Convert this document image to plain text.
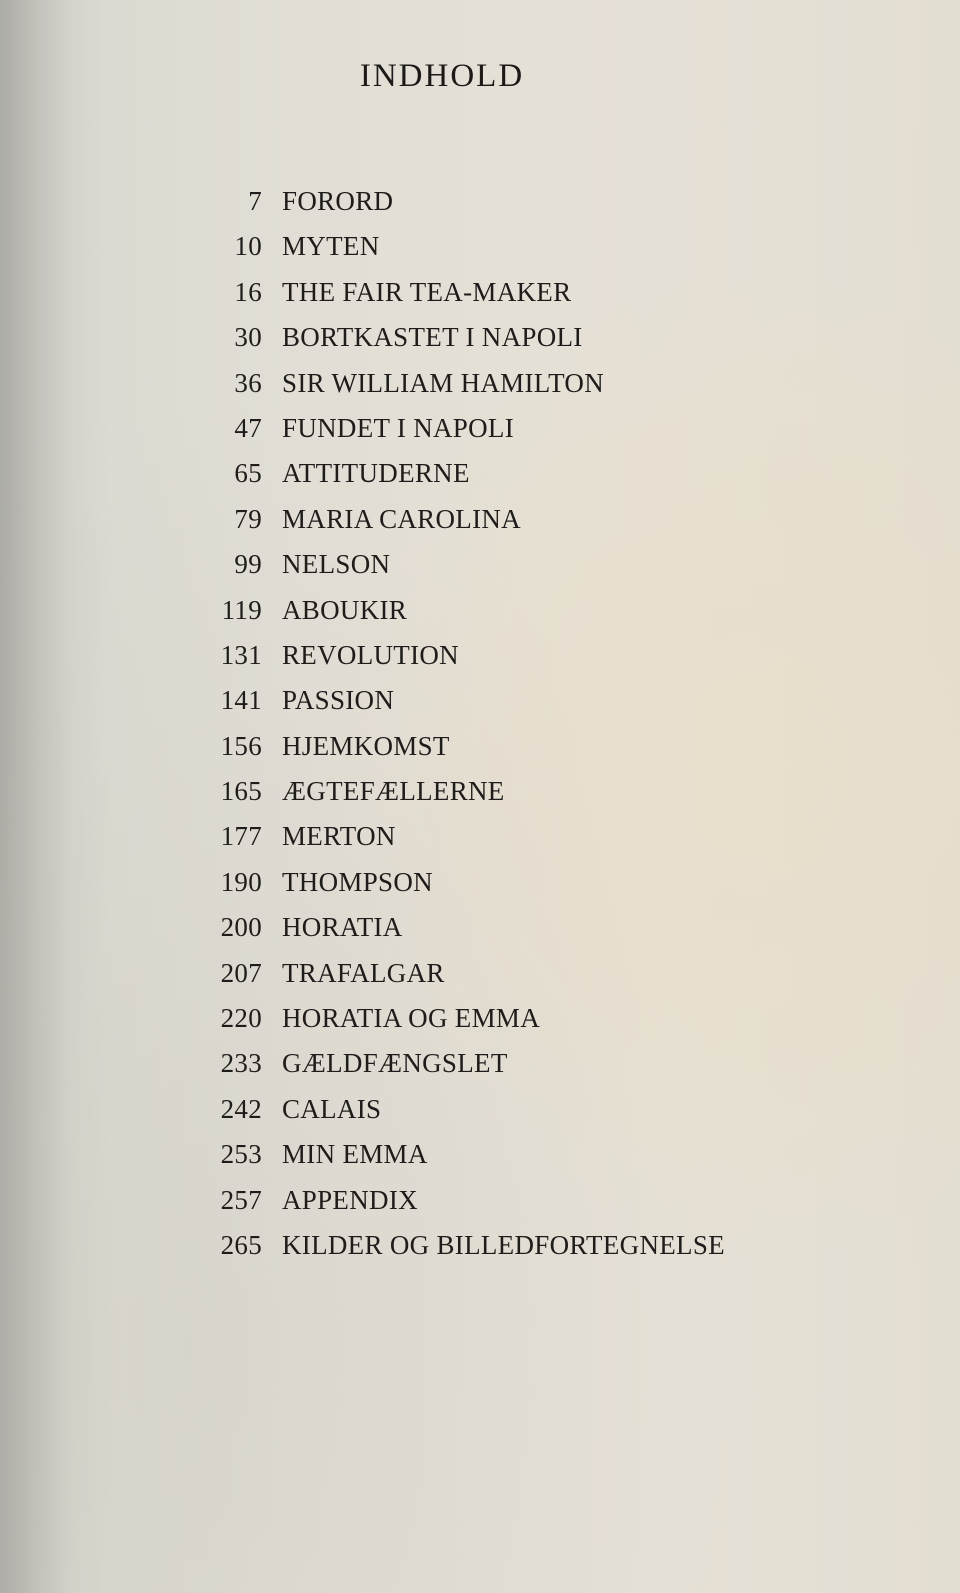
INDHOLD
7 FORORD
10 MYTEN
16 THE FAIR TEA-MAKER
30 BORTKASTET I NAPOLI
36 SIR WILLIAM HAMILTON
47 FUNDET I NAPOLI
65 ATTITUDERNE
79 MARIA CAROLINA
99 NELSON
119 ABOUKIR
131 REVOLUTION
141 PASSION
156 HJEMKOMST
165 ÆGTEFÆLLERNE
177 MERTON
190 THOMPSON
200 HORATIA
207 TRAFALGAR
220 HORATIA OG EMMA
233 GÆLDFÆNGSLET
242 CALAIS
253 MIN EMMA
257 APPENDIX
265 KILDER OG BILLEDFORTEGNELSE
